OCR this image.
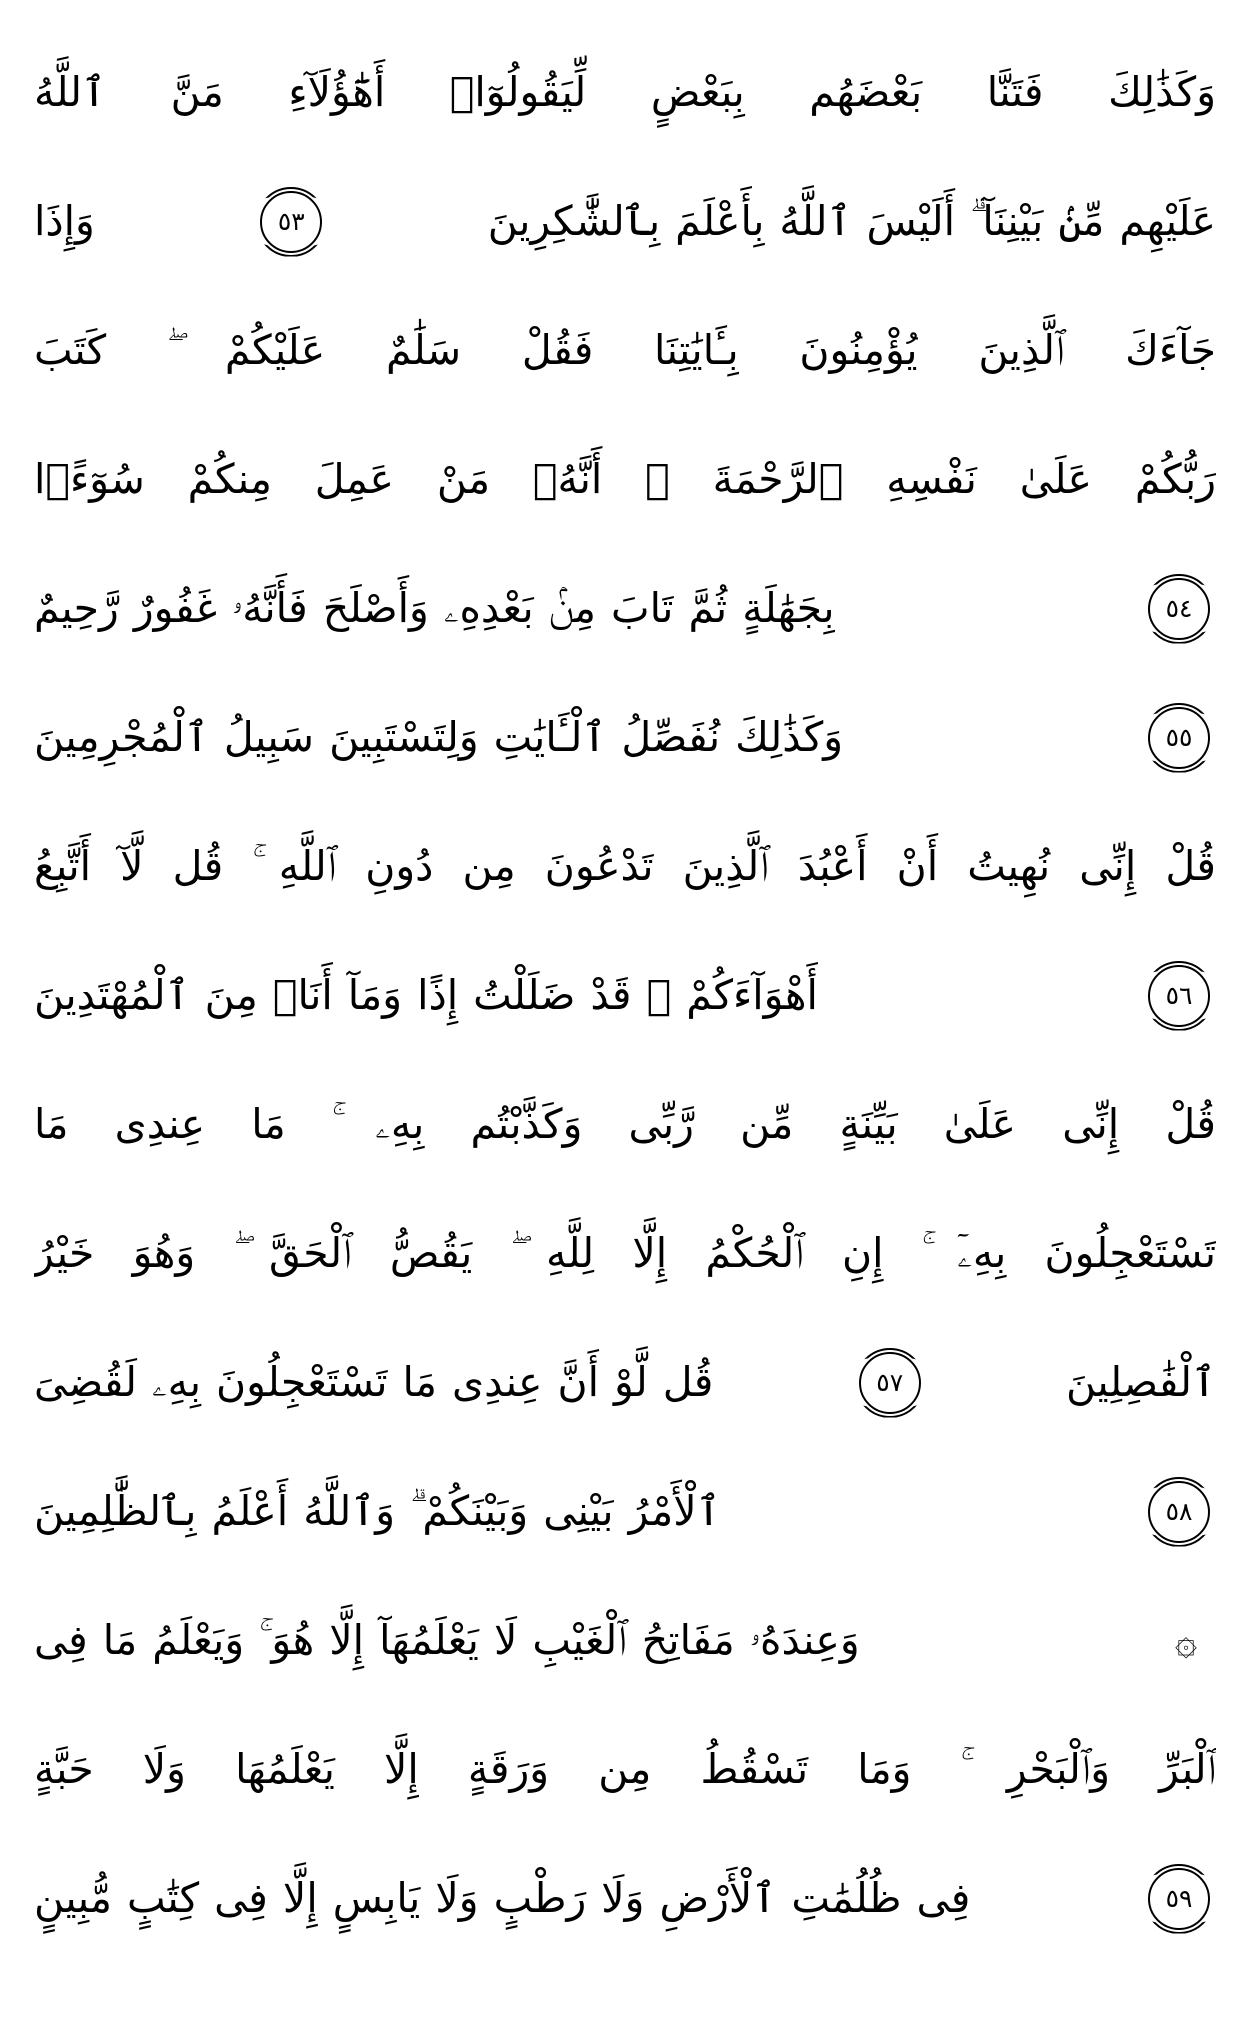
وَكَذَٰلِكَ فَتَنَّا بَعْضَهُم بِبَعْضٍ لِّيَقُولُوٓا۟ أَهَٰٓؤُلَآءِ مَنَّ ٱللَّهُ
عَلَيْهِم مِّنۢ بَيْنِنَآ ۗ أَلَيْسَ ٱللَّهُ بِأَعْلَمَ بِٱلشَّٰكِرِينَ
٥٣
وَإِذَا
جَآءَكَ ٱلَّذِينَ يُؤْمِنُونَ بِـَٔايَٰتِنَا فَقُلْ سَلَٰمٌ عَلَيْكُمْ ۖ كَتَبَ
رَبُّكُمْ عَلَىٰ نَفْسِهِ ٱلرَّحْمَةَ ۖ أَنَّهُۥ مَنْ عَمِلَ مِنكُمْ سُوٓءًۢا
٥٤
بِجَهَٰلَةٍ ثُمَّ تَابَ مِنۢ بَعْدِهِۦ وَأَصْلَحَ فَأَنَّهُۥ غَفُورٌ رَّحِيمٌ
٥٥
وَكَذَٰلِكَ نُفَصِّلُ ٱلْـَٔايَٰتِ وَلِتَسْتَبِينَ سَبِيلُ ٱلْمُجْرِمِينَ
قُلْ إِنِّى نُهِيتُ أَنْ أَعْبُدَ ٱلَّذِينَ تَدْعُونَ مِن دُونِ ٱللَّهِ ۚ قُل لَّآ أَتَّبِعُ
٥٦
أَهْوَآءَكُمْ ۙ قَدْ ضَلَلْتُ إِذًا وَمَآ أَنَا۠ مِنَ ٱلْمُهْتَدِينَ
قُلْ إِنِّى عَلَىٰ بَيِّنَةٍ مِّن رَّبِّى وَكَذَّبْتُم بِهِۦ ۚ مَا عِندِى مَا
تَسْتَعْجِلُونَ بِهِۦٓ ۚ إِنِ ٱلْحُكْمُ إِلَّا لِلَّهِ ۖ يَقُصُّ ٱلْحَقَّ ۖ وَهُوَ خَيْرُ
ٱلْفَٰصِلِينَ
٥٧
قُل لَّوْ أَنَّ عِندِى مَا تَسْتَعْجِلُونَ بِهِۦ لَقُضِىَ
٥٨
ٱلْأَمْرُ بَيْنِى وَبَيْنَكُمْ ۗ وَٱللَّهُ أَعْلَمُ بِٱلظَّٰلِمِينَ
۞
وَعِندَهُۥ مَفَاتِحُ ٱلْغَيْبِ لَا يَعْلَمُهَآ إِلَّا هُوَ ۚ وَيَعْلَمُ مَا فِى
ٱلْبَرِّ وَٱلْبَحْرِ ۚ وَمَا تَسْقُطُ مِن وَرَقَةٍ إِلَّا يَعْلَمُهَا وَلَا حَبَّةٍ
٥٩
فِى ظُلُمَٰتِ ٱلْأَرْضِ وَلَا رَطْبٍ وَلَا يَابِسٍ إِلَّا فِى كِتَٰبٍ مُّبِينٍ
